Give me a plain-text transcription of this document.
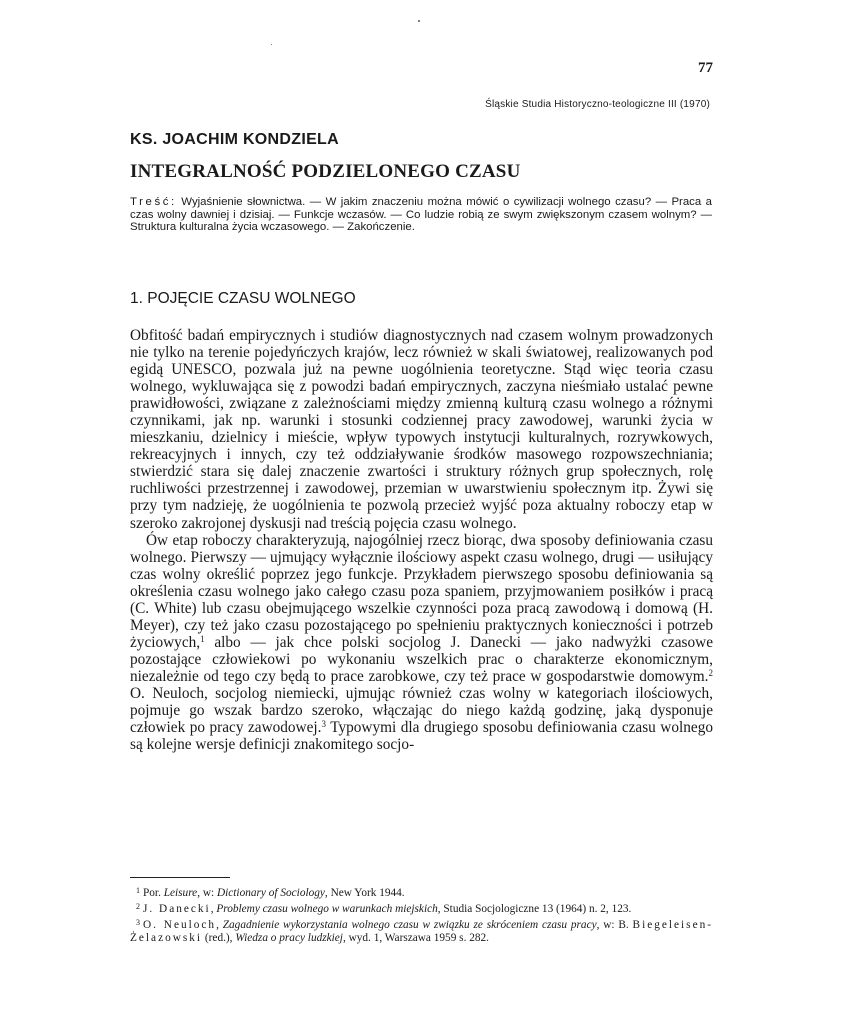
77
Śląskie Studia Historyczno-teologiczne III (1970)
KS. JOACHIM KONDZIELA
INTEGRALNOŚĆ PODZIELONEGO CZASU
Treść: Wyjaśnienie słownictwa. — W jakim znaczeniu można mówić o cywilizacji wolnego czasu? — Praca a czas wolny dawniej i dzisiaj. — Funkcje wczasów. — Co ludzie robią ze swym zwiększonym czasem wolnym? — Struktura kulturalna życia wczasowego. — Zakończenie.
1. POJĘCIE CZASU WOLNEGO

Obfitość badań empirycznych i studiów diagnostycznych nad czasem wolnym prowadzonych nie tylko na terenie pojedyńczych krajów, lecz również w skali światowej, realizowanych pod egidą UNESCO, pozwala już na pewne uogólnienia teoretyczne. Stąd więc teoria czasu wolnego, wykluwająca się z powodzi badań empirycznych, zaczyna nieśmiało ustalać pewne prawidłowości, związane z zależnościami między zmienną kulturą czasu wolnego a różnymi czynnikami, jak np. warunki i stosunki codziennej pracy zawodowej, warunki życia w mieszkaniu, dzielnicy i mieście, wpływ typowych instytucji kulturalnych, rozrywkowych, rekreacyjnych i innych, czy też oddziaływanie środków masowego rozpowszechniania; stwierdzić stara się dalej znaczenie zwartości i struktury różnych grup społecznych, rolę ruchliwości przestrzennej i zawodowej, przemian w uwarstwieniu społecznym itp. Żywi się przy tym nadzieję, że uogólnienia te pozwolą przecież wyjść poza aktualny roboczy etap w szeroko zakrojonej dyskusji nad treścią pojęcia czasu wolnego.

Ów etap roboczy charakteryzują, najogólniej rzecz biorąc, dwa sposoby definiowania czasu wolnego. Pierwszy — ujmujący wyłącznie ilościowy aspekt czasu wolnego, drugi — usiłujący czas wolny określić poprzez jego funkcje. Przykładem pierwszego sposobu definiowania są określenia czasu wolnego jako całego czasu poza spaniem, przyjmowaniem posiłków i pracą (C. White) lub czasu obejmującego wszelkie czynności poza pracą zawodową i domową (H. Meyer), czy też jako czasu pozostającego po spełnieniu praktycznych konieczności i potrzeb życiowych,$^1$ albo — jak chce polski socjolog J. Danecki — jako nadwyżki czasowe pozostające człowiekowi po wykonaniu wszelkich prac o charakterze ekonomicznym, niezależnie od tego czy będą to prace zarobkowe, czy też prace w gospodarstwie domowym.$^2$ O. Neuloch, socjolog niemiecki, ujmując również czas wolny w kategoriach ilościowych, pojmuje go wszak bardzo szeroko, włączając do niego każdą godzinę, jaką dysponuje człowiek po pracy zawodowej.$^3$ Typowymi dla drugiego sposobu definiowania czasu wolnego są kolejne wersje definicji znakomitego socjo-

$^1$ Por. Leisure, w: Dictionary of Sociology, New York 1944.

$^2$ J. Danecki, Problemy czasu wolnego w warunkach miejskich, Studia Socjologiczne 13 (1964) n. 2, 123.

$^3$ O. Neuloch, Zagadnienie wykorzystania wolnego czasu w związku ze skróceniem czasu pracy, w: B. Biegeleisen-Żelazowski (red.), Wiedza o pracy ludzkiej, wyd. 1, Warszawa 1959 s. 282.
